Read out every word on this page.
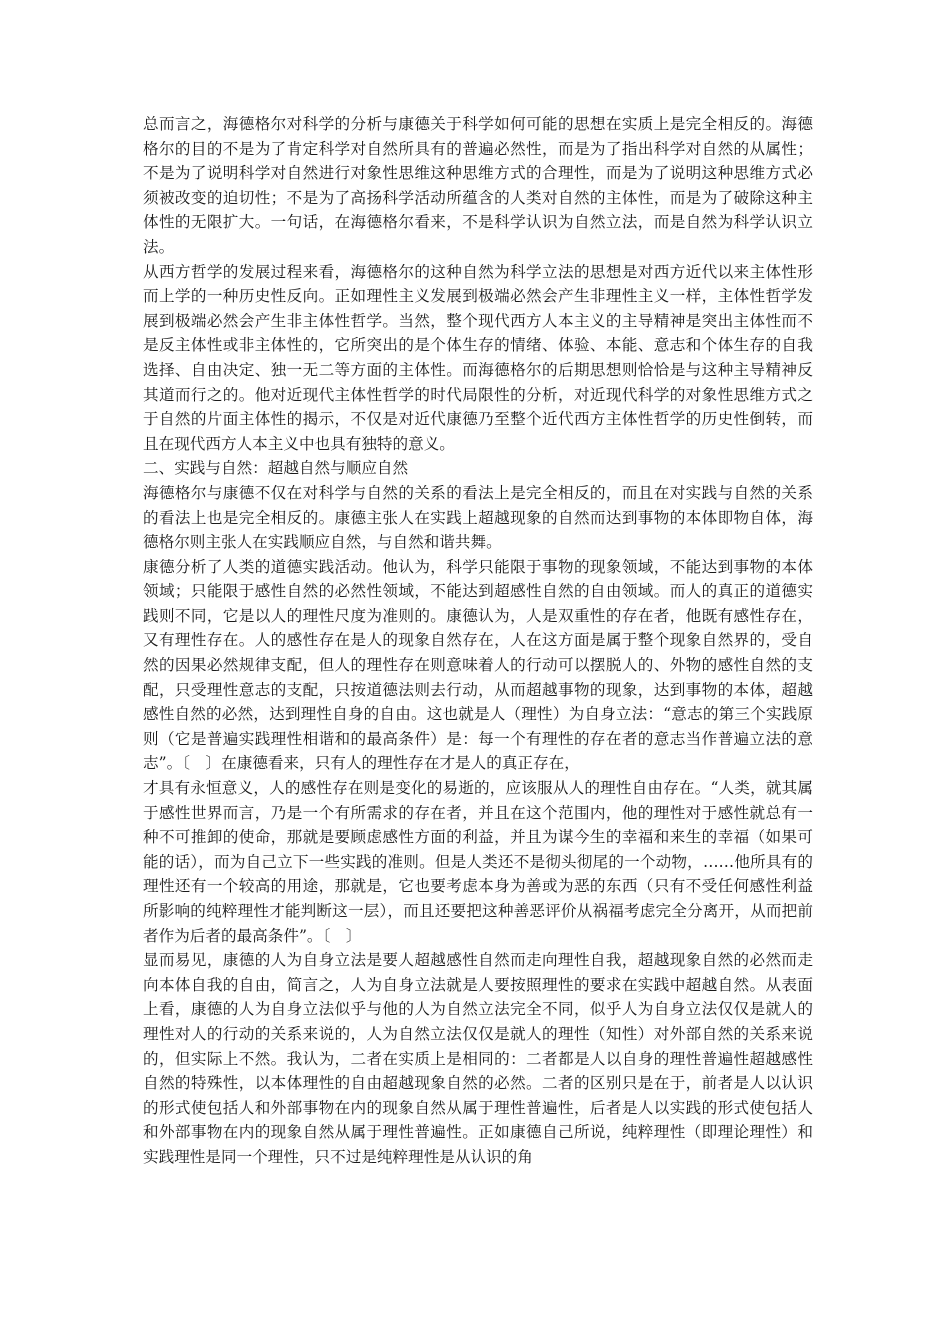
总而言之，海德格尔对科学的分析与康德关于科学如何可能的思想在实质上是完全相反的。海德格尔的目的不是为了肯定科学对自然所具有的普遍必然性，而是为了指出科学对自然的从属性；不是为了说明科学对自然进行对象性思维这种思维方式的合理性，而是为了说明这种思维方式必须被改变的迫切性；不是为了高扬科学活动所蕴含的人类对自然的主体性，而是为了破除这种主体性的无限扩大。一句话，在海德格尔看来，不是科学认识为自然立法，而是自然为科学认识立法。

从西方哲学的发展过程来看，海德格尔的这种自然为科学立法的思想是对西方近代以来主体性形而上学的一种历史性反向。正如理性主义发展到极端必然会产生非理性主义一样，主体性哲学发展到极端必然会产生非主体性哲学。当然，整个现代西方人本主义的主导精神是突出主体性而不是反主体性或非主体性的，它所突出的是个体生存的情绪、体验、本能、意志和个体生存的自我选择、自由决定、独一无二等方面的主体性。而海德格尔的后期思想则恰恰是与这种主导精神反其道而行之的。他对近现代主体性哲学的时代局限性的分析，对近现代科学的对象性思维方式之于自然的片面主体性的揭示，不仅是对近代康德乃至整个近代西方主体性哲学的历史性倒转，而且在现代西方人本主义中也具有独特的意义。

二、实践与自然：超越自然与顺应自然

海德格尔与康德不仅在对科学与自然的关系的看法上是完全相反的，而且在对实践与自然的关系的看法上也是完全相反的。康德主张人在实践上超越现象的自然而达到事物的本体即物自体，海德格尔则主张人在实践顺应自然，与自然和谐共舞。

康德分析了人类的道德实践活动。他认为，科学只能限于事物的现象领域，不能达到事物的本体领域；只能限于感性自然的必然性领域，不能达到超感性自然的自由领域。而人的真正的道德实践则不同，它是以人的理性尺度为准则的。康德认为，人是双重性的存在者，他既有感性存在，又有理性存在。人的感性存在是人的现象自然存在，人在这方面是属于整个现象自然界的，受自然的因果必然规律支配，但人的理性存在则意味着人的行动可以摆脱人的、外物的感性自然的支配，只受理性意志的支配，只按道德法则去行动，从而超越事物的现象，达到事物的本体，超越感性自然的必然，达到理性自身的自由。这也就是人（理性）为自身立法：“意志的第三个实践原则（它是普遍实践理性相谐和的最高条件）是：每一个有理性的存在者的意志当作普遍立法的意志”。〔　〕在康德看来，只有人的理性存在才是人的真正存在，

才具有永恒意义，人的感性存在则是变化的易逝的，应该服从人的理性自由存在。“人类，就其属于感性世界而言，乃是一个有所需求的存在者，并且在这个范围内，他的理性对于感性就总有一种不可推卸的使命，那就是要顾虑感性方面的利益，并且为谋今生的幸福和来生的幸福（如果可能的话），而为自己立下一些实践的准则。但是人类还不是彻头彻尾的一个动物，……他所具有的理性还有一个较高的用途，那就是，它也要考虑本身为善或为恶的东西（只有不受任何感性利益所影响的纯粹理性才能判断这一层），而且还要把这种善恶评价从祸福考虑完全分离开，从而把前者作为后者的最高条件”。〔　〕

显而易见，康德的人为自身立法是要人超越感性自然而走向理性自我，超越现象自然的必然而走向本体自我的自由，简言之，人为自身立法就是人要按照理性的要求在实践中超越自然。从表面上看，康德的人为自身立法似乎与他的人为自然立法完全不同，似乎人为自身立法仅仅是就人的理性对人的行动的关系来说的，人为自然立法仅仅是就人的理性（知性）对外部自然的关系来说的，但实际上不然。我认为，二者在实质上是相同的：二者都是人以自身的理性普遍性超越感性自然的特殊性，以本体理性的自由超越现象自然的必然。二者的区别只是在于，前者是人以认识的形式使包括人和外部事物在内的现象自然从属于理性普遍性，后者是人以实践的形式使包括人和外部事物在内的现象自然从属于理性普遍性。正如康德自己所说，纯粹理性（即理论理性）和实践理性是同一个理性，只不过是纯粹理性是从认识的角
